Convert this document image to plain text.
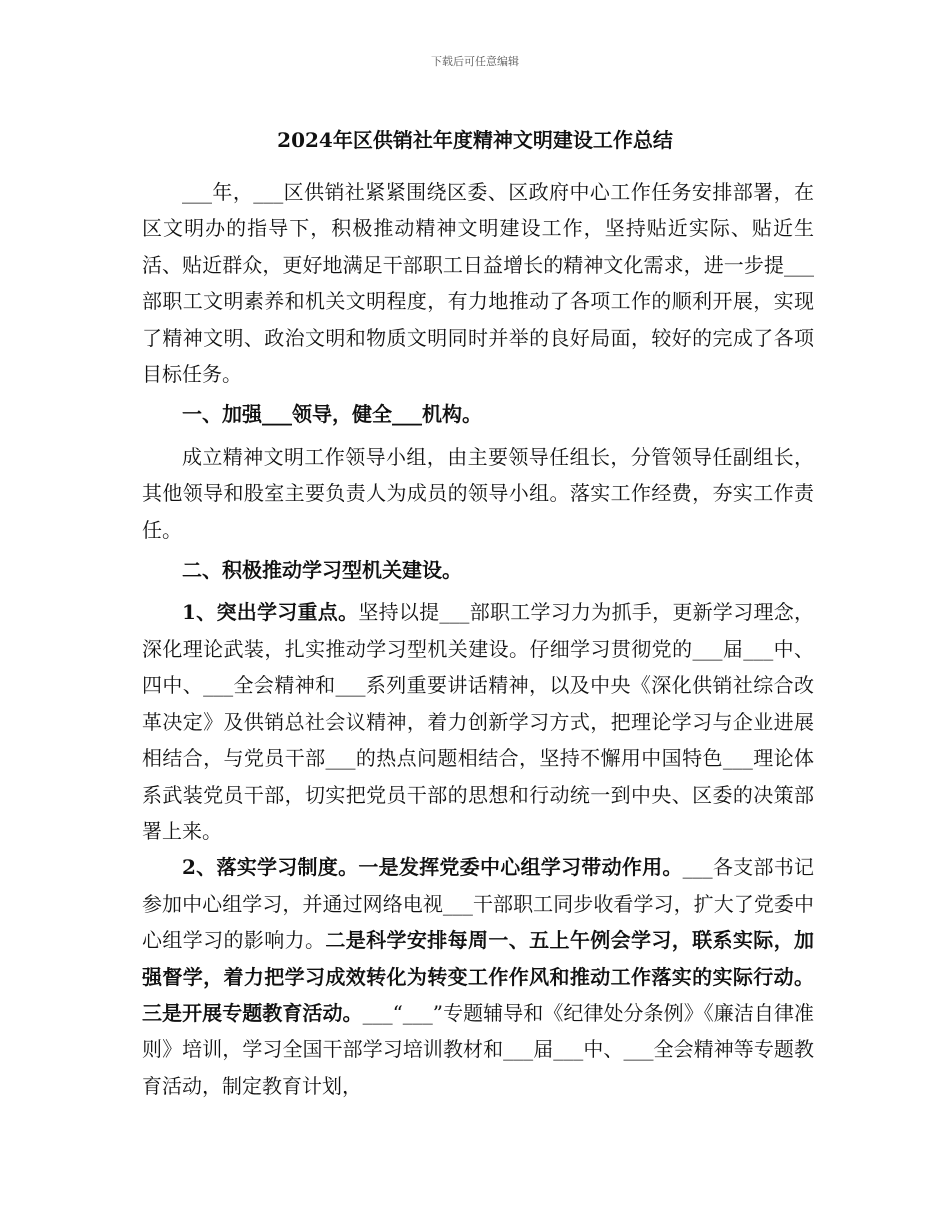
下载后可任意编辑
2024年区供销社年度精神文明建设工作总结

___年，___区供销社紧紧围绕区委、区政府中心工作任务安排部署，在区文明办的指导下，积极推动精神文明建设工作，坚持贴近实际、贴近生活、贴近群众，更好地满足干部职工日益增长的精神文化需求，进一步提___部职工文明素养和机关文明程度，有力地推动了各项工作的顺利开展，实现了精神文明、政治文明和物质文明同时并举的良好局面，较好的完成了各项目标任务。

一、加强___领导，健全___机构。

成立精神文明工作领导小组，由主要领导任组长，分管领导任副组长，其他领导和股室主要负责人为成员的领导小组。落实工作经费，夯实工作责任。

二、积极推动学习型机关建设。

1、突出学习重点。坚持以提___部职工学习力为抓手，更新学习理念，深化理论武装，扎实推动学习型机关建设。仔细学习贯彻党的___届___中、四中、___全会精神和___系列重要讲话精神，以及中央《深化供销社综合改革决定》及供销总社会议精神，着力创新学习方式，把理论学习与企业进展相结合，与党员干部___的热点问题相结合，坚持不懈用中国特色___理论体系武装党员干部，切实把党员干部的思想和行动统一到中央、区委的决策部署上来。

2、落实学习制度。一是发挥党委中心组学习带动作用。___各支部书记参加中心组学习，并通过网络电视___干部职工同步收看学习，扩大了党委中心组学习的影响力。二是科学安排每周一、五上午例会学习，联系实际，加强督学，着力把学习成效转化为转变工作作风和推动工作落实的实际行动。三是开展专题教育活动。___“___”专题辅导和《纪律处分条例》《廉洁自律准则》培训，学习全国干部学习培训教材和___届___中、___全会精神等专题教育活动，制定教育计划，
